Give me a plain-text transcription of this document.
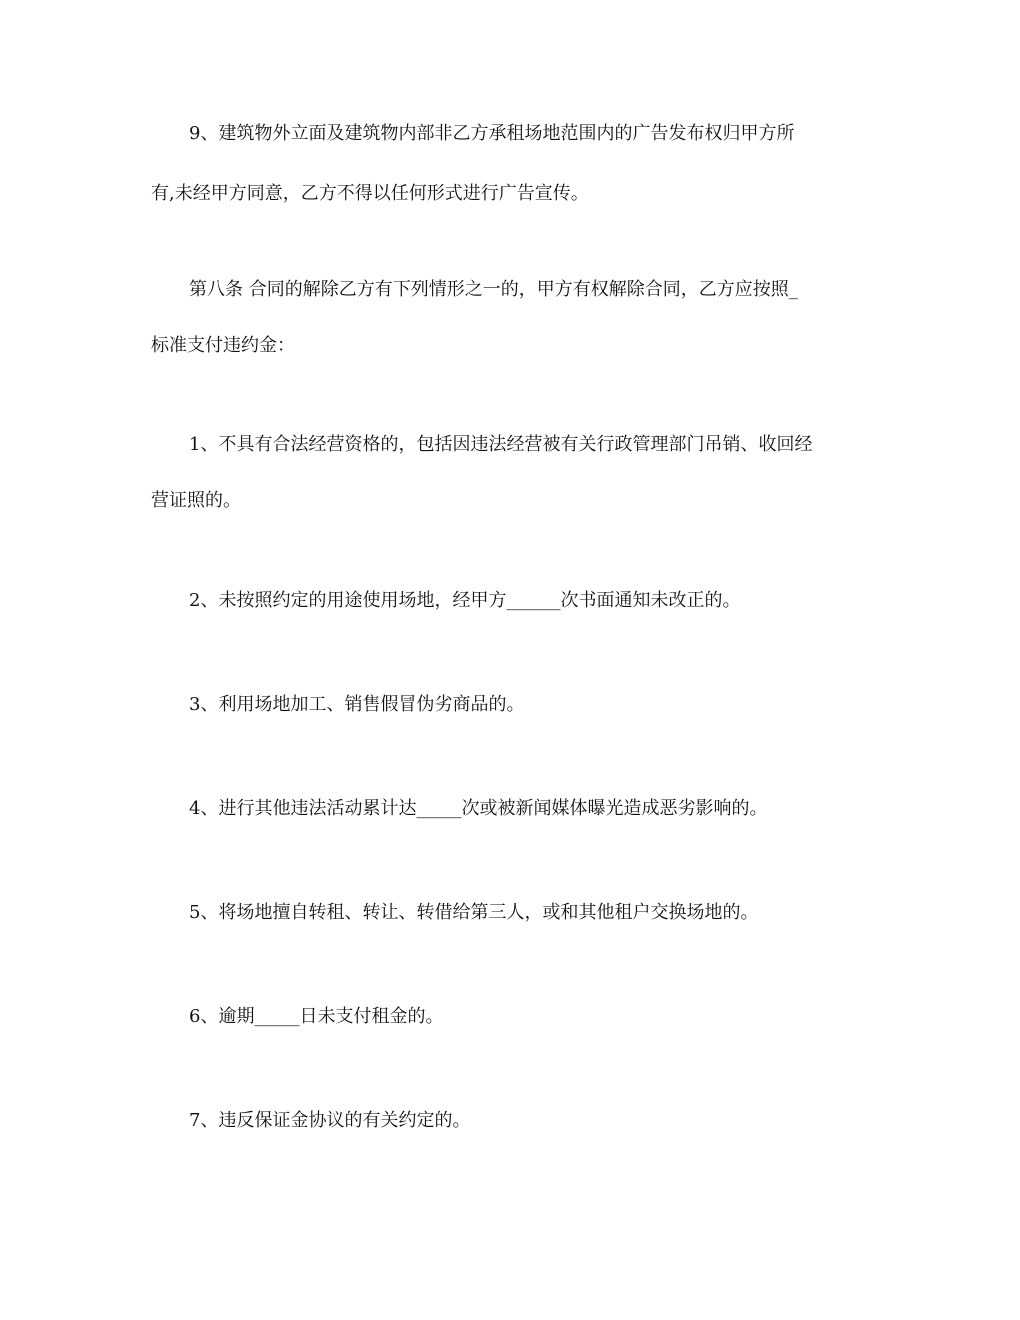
9、建筑物外立面及建筑物内部非乙方承租场地范围内的广告发布权归甲方所
有,未经甲方同意，乙方不得以任何形式进行广告宣传。

第八条 合同的解除乙方有下列情形之一的，甲方有权解除合同，乙方应按照_
标准支付违约金：

1、不具有合法经营资格的，包括因违法经营被有关行政管理部门吊销、收回经
营证照的。

2、未按照约定的用途使用场地，经甲方______次书面通知未改正的。

3、利用场地加工、销售假冒伪劣商品的。

4、进行其他违法活动累计达_____次或被新闻媒体曝光造成恶劣影响的。

5、将场地擅自转租、转让、转借给第三人，或和其他租户交换场地的。

6、逾期_____日未支付租金的。

7、违反保证金协议的有关约定的。
